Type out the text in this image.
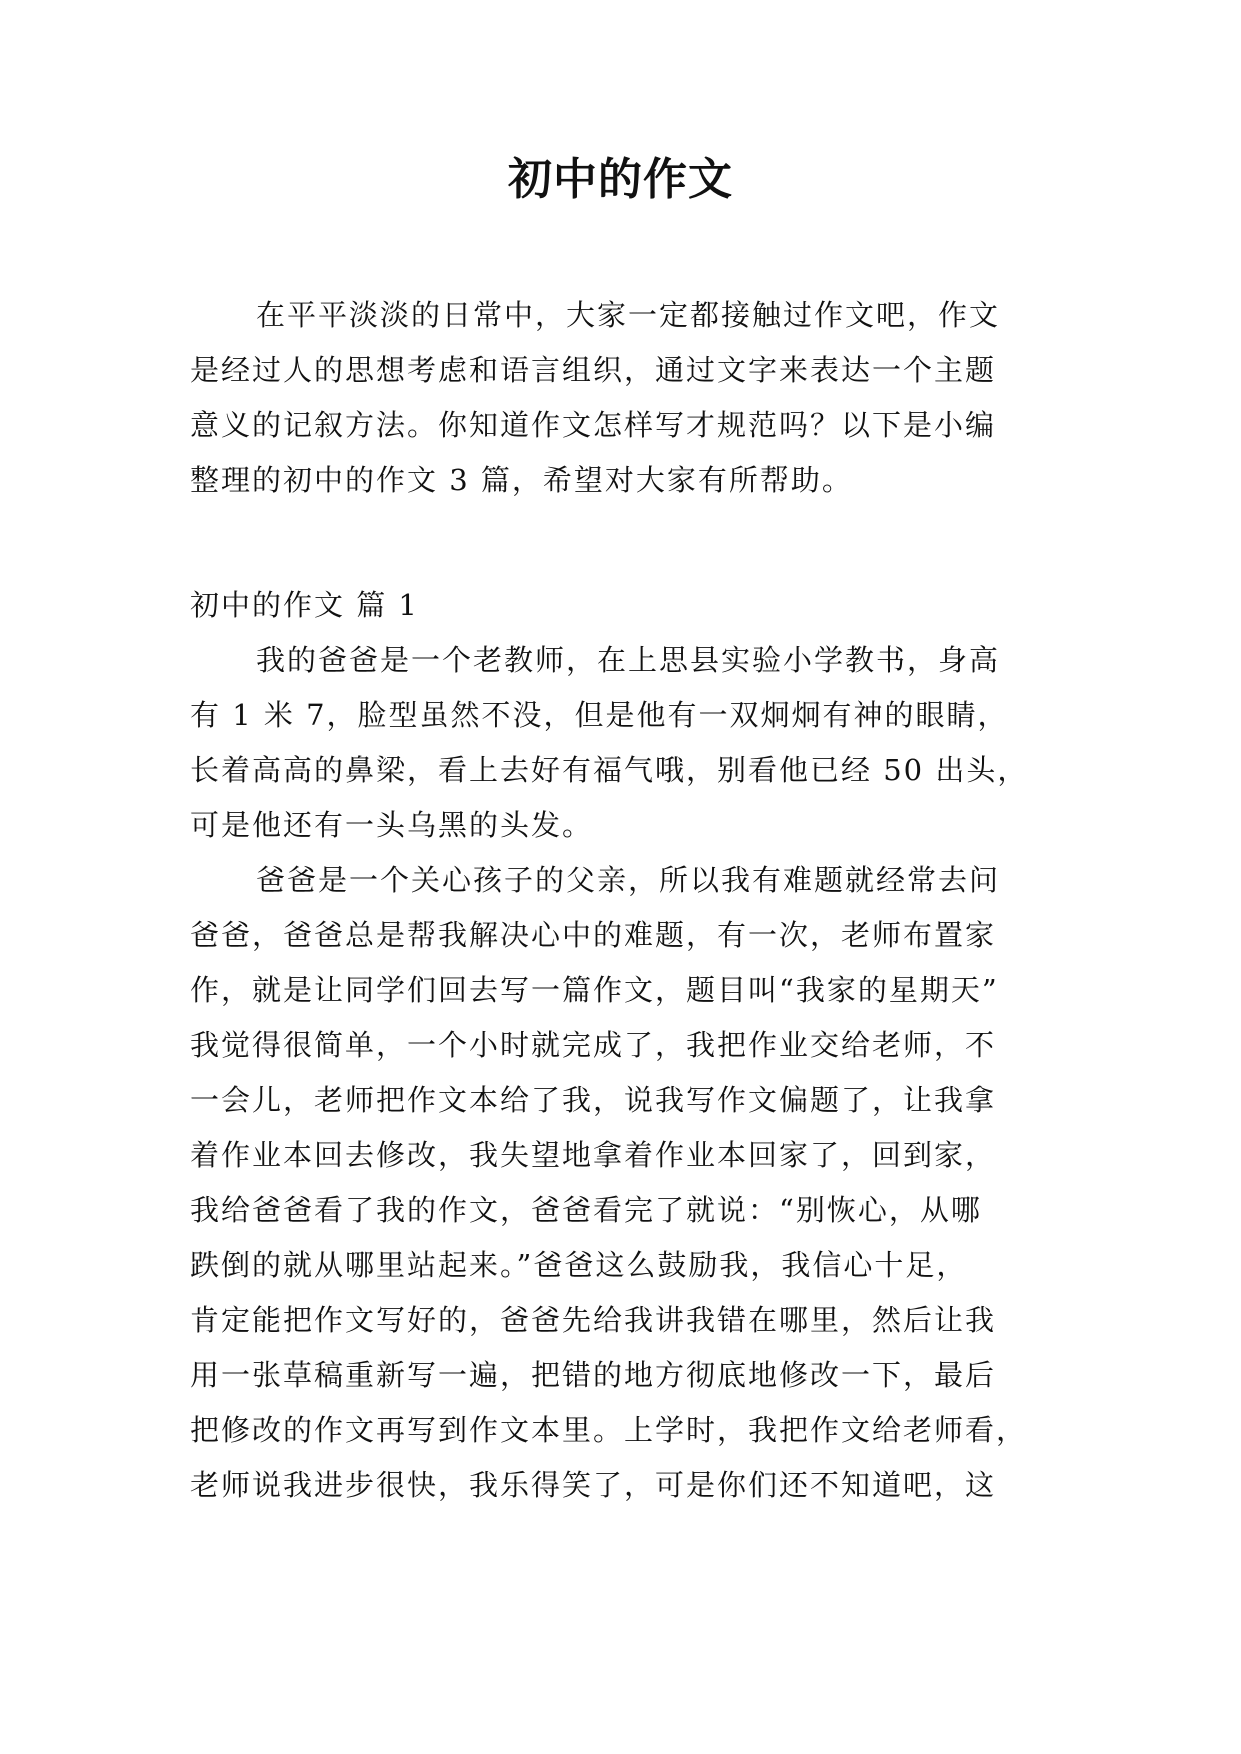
初中的作文
在平平淡淡的日常中，大家一定都接触过作文吧，作文
是经过人的思想考虑和语言组织，通过文字来表达一个主题
意义的记叙方法。你知道作文怎样写才规范吗？以下是小编
整理的初中的作文 3 篇，希望对大家有所帮助。
初中的作文 篇 1
我的爸爸是一个老教师，在上思县实验小学教书，身高
有 1 米 7，脸型虽然不没，但是他有一双炯炯有神的眼睛，
长着高高的鼻梁，看上去好有福气哦，别看他已经 50 出头，
可是他还有一头乌黑的头发。
爸爸是一个关心孩子的父亲，所以我有难题就经常去问
爸爸，爸爸总是帮我解决心中的难题，有一次，老师布置家
作，就是让同学们回去写一篇作文，题目叫“我家的星期天”
我觉得很简单，一个小时就完成了，我把作业交给老师，不
一会儿，老师把作文本给了我，说我写作文偏题了，让我拿
着作业本回去修改，我失望地拿着作业本回家了，回到家，
我给爸爸看了我的作文，爸爸看完了就说：“别恢心，从哪
跌倒的就从哪里站起来。”爸爸这么鼓励我，我信心十足，
肯定能把作文写好的，爸爸先给我讲我错在哪里，然后让我
用一张草稿重新写一遍，把错的地方彻底地修改一下，最后
把修改的作文再写到作文本里。上学时，我把作文给老师看，
老师说我进步很快，我乐得笑了，可是你们还不知道吧，这
